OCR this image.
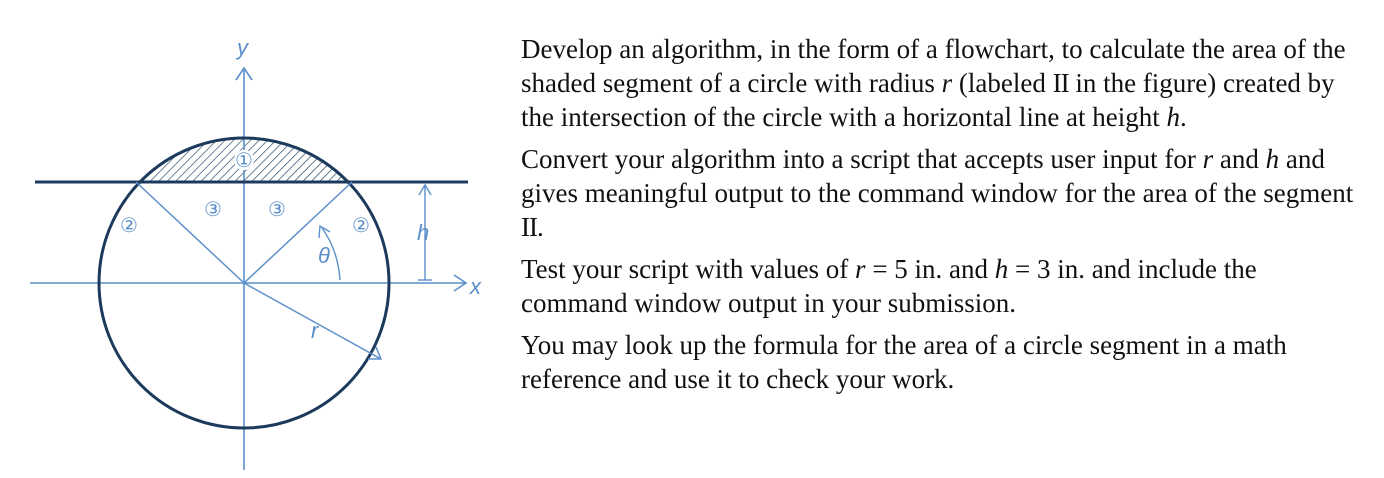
y
x
h
θ
r
①
②	②
③ ③

Develop an algorithm, in the form of a flowchart, to calculate the area of the shaded segment of a circle with radius r (labeled II in the figure) created by the intersection of the circle with a horizontal line at height h.

Convert your algorithm into a script that accepts user input for r and h and gives meaningful output to the command window for the area of the segment II.

Test your script with values of r = 5 in. and h = 3 in. and include the command window output in your submission.

You may look up the formula for the area of a circle segment in a math reference and use it to check your work.
